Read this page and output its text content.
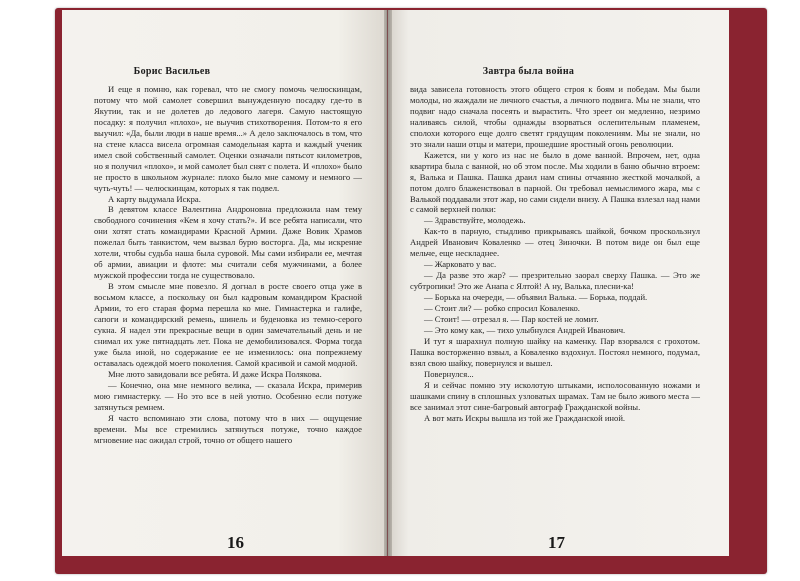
Борис Васильев

И еще я помню, как горевал, что не смогу помочь челюскинцам, потому что мой самолет совершил вынужденную посадку где-то в Якутии, так и не долетев до ледового лагеря. Самую настоящую посадку: я получил «плохо», не выучив стихотворения. Потом-то я его выучил: «Да, были люди в наше время...» А дело заключалось в том, что на стене класса висела огромная самодельная карта и каждый ученик имел свой собственный самолет. Оценки означали пятьсот километров, но я получил «плохо», и мой самолет был снят с полета. И «плохо» было не просто в школьном журнале: плохо было мне самому и немного — чуть-чуть! — челюскинцам, которых я так подвел.

А карту выдумала Искра.

В девятом классе Валентина Андроновна предложила нам тему свободного сочинения «Кем я хочу стать?». И все ребята написали, что они хотят стать командирами Красной Армии. Даже Вовик Храмов пожелал быть танкистом, чем вызвал бурю восторга. Да, мы искренне хотели, чтобы судьба наша была суровой. Мы сами избирали ее, мечтая об армии, авиации и флоте: мы считали себя мужчинами, а более мужской профессии тогда не существовало.

В этом смысле мне повезло. Я догнал в росте своего отца уже в восьмом классе, а поскольку он был кадровым командиром Красной Армии, то его старая форма перешла ко мне. Гимнастерка и галифе, сапоги и командирский ремень, шинель и буденовка из темно-серого сукна. Я надел эти прекрасные вещи в один замечательный день и не снимал их уже пятнадцать лет. Пока не демобилизовался. Форма тогда уже была иной, но содержание ее не изменилось: она попрежнему оставалась одеждой моего поколения. Самой красивой и самой модной.

Мне люто завидовали все ребята. И даже Искра Полякова.

— Конечно, она мне немного велика, — сказала Искра, примерив мою гимнастерку. — Но это все в ней уютно. Особенно если потуже затянуться ремнем.

Я часто вспоминаю эти слова, потому что в них — ощущение времени. Мы все стремились затянуться потуже, точно каждое мгновение нас ожидал строй, точно от общего нашего

16
Завтра была война

вида зависела готовность этого общего строя к боям и победам. Мы были молоды, но жаждали не личного счастья, а личного подвига. Мы не знали, что подвиг надо сначала посеять и вырастить. Что зреет он медленно, незримо наливаясь силой, чтобы однажды взорваться ослепительным пламенем, сполохи которого еще долго светят грядущим поколениям. Мы не знали, но это знали наши отцы и матери, прошедшие яростный огонь революции.

Кажется, ни у кого из нас не было в доме ванной. Впрочем, нет, одна квартира была с ванной, но об этом после. Мы ходили в баню обычно втроем: я, Валька и Пашка. Пашка драил нам спины отчаянно жесткой мочалкой, а потом долго блаженствовал в парной. Он требовал немыслимого жара, мы с Валькой поддавали этот жар, но сами сидели внизу. А Пашка взлезал над нами с самой верхней полки:

— Здравствуйте, молодежь.

Как-то в парную, стыдливо прикрываясь шайкой, бочком проскользнул Андрей Иванович Коваленко — отец Зиночки. В потом виде он был еще мельче, еще нескладнее.

— Жарковато у вас.

— Да разве это жар? — презрительно заорал сверху Пашка. — Это же субтропики! Это же Анапа с Ялтой! А ну, Валька, плесни-ка!

— Борька на очереди, — объявил Валька. — Борька, поддай.

— Стоит ли? — робко спросил Коваленко.

— Стоит! — отрезал я. — Пар костей не ломит.

— Это кому как, — тихо улыбнулся Андрей Иванович.

И тут я шарахнул полную шайку на каменку. Пар взорвался с грохотом. Пашка восторженно взвыл, а Коваленко вздохнул. Постоял немного, подумал, взял свою шайку, повернулся и вышел.

Повернулся...

Я и сейчас помню эту исколотую штыками, исполосованную ножами и шашками спину в сплошных узловатых шрамах. Там не было живого места — все занимал этот сине-багровый автограф Гражданской войны.

А вот мать Искры вышла из той же Гражданской иной.

17
